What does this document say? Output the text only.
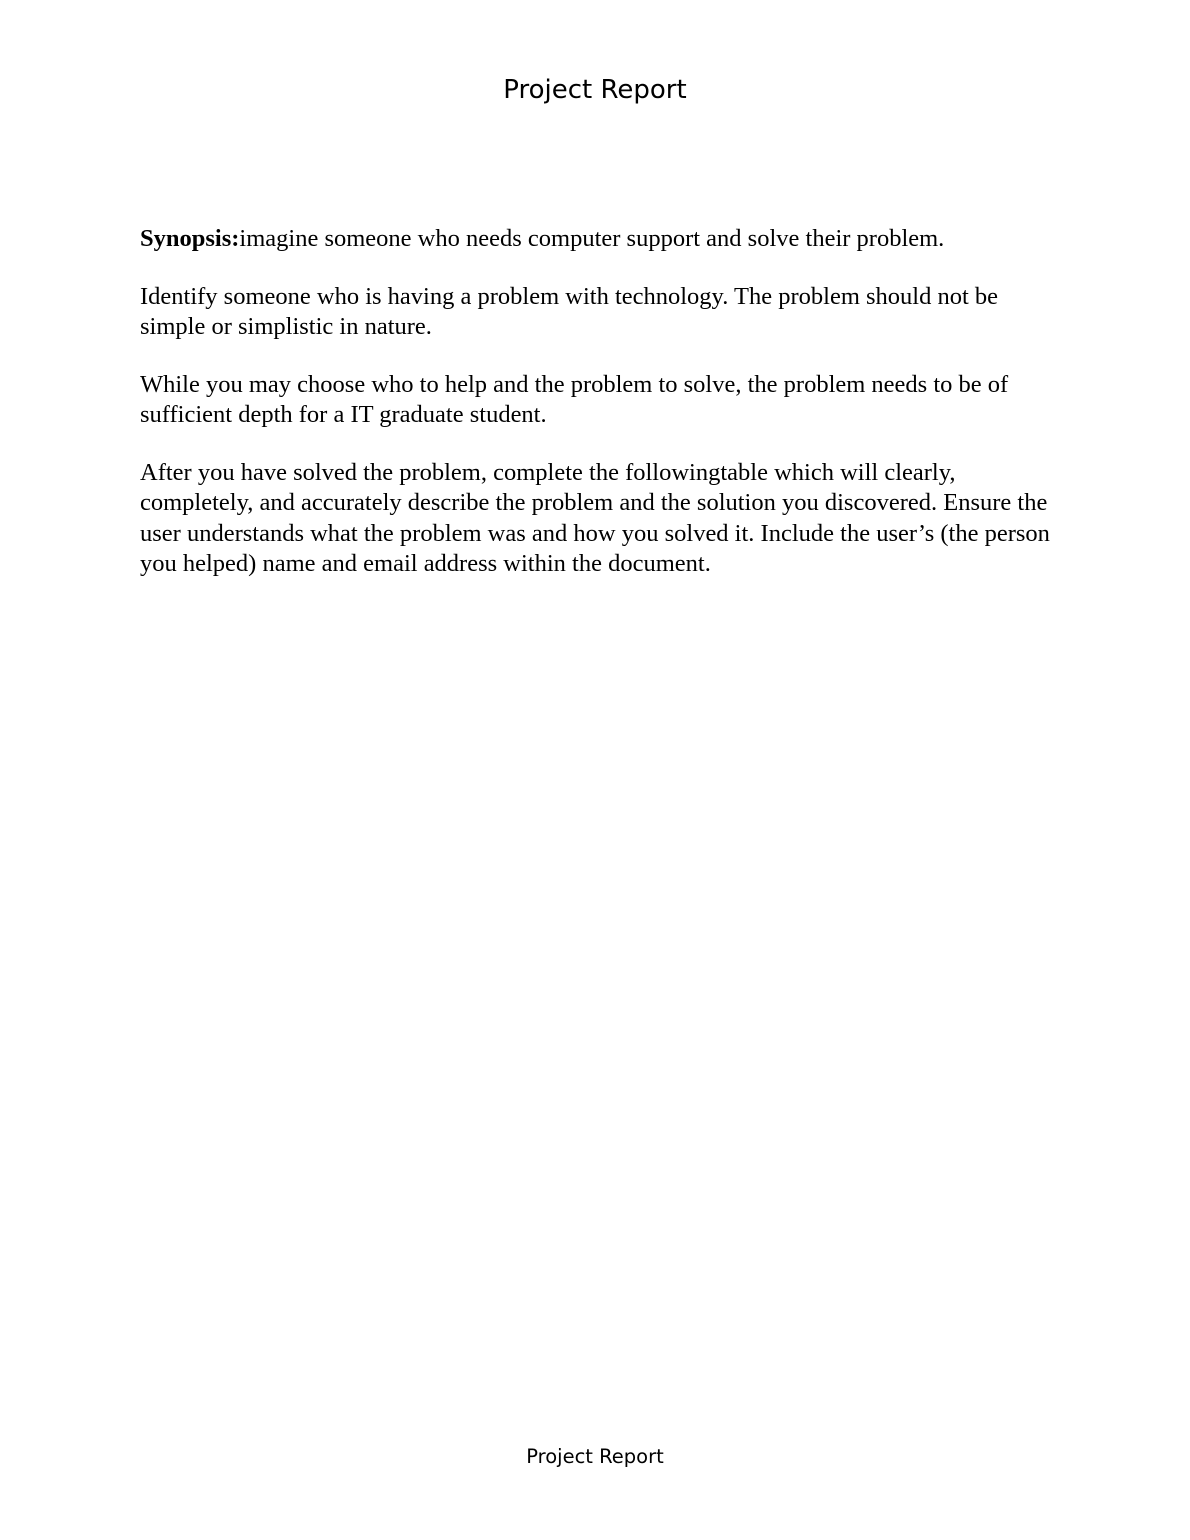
Project Report

Synopsis:imagine someone who needs computer support and solve their problem.

Identify someone who is having a problem with technology. The problem should not be simple or simplistic in nature.

While you may choose who to help and the problem to solve, the problem needs to be of sufficient depth for a IT graduate student.

After you have solved the problem, complete the followingtable which will clearly, completely, and accurately describe the problem and the solution you discovered. Ensure the user understands what the problem was and how you solved it. Include the user’s (the person you helped) name and email address within the document.

Project Report
